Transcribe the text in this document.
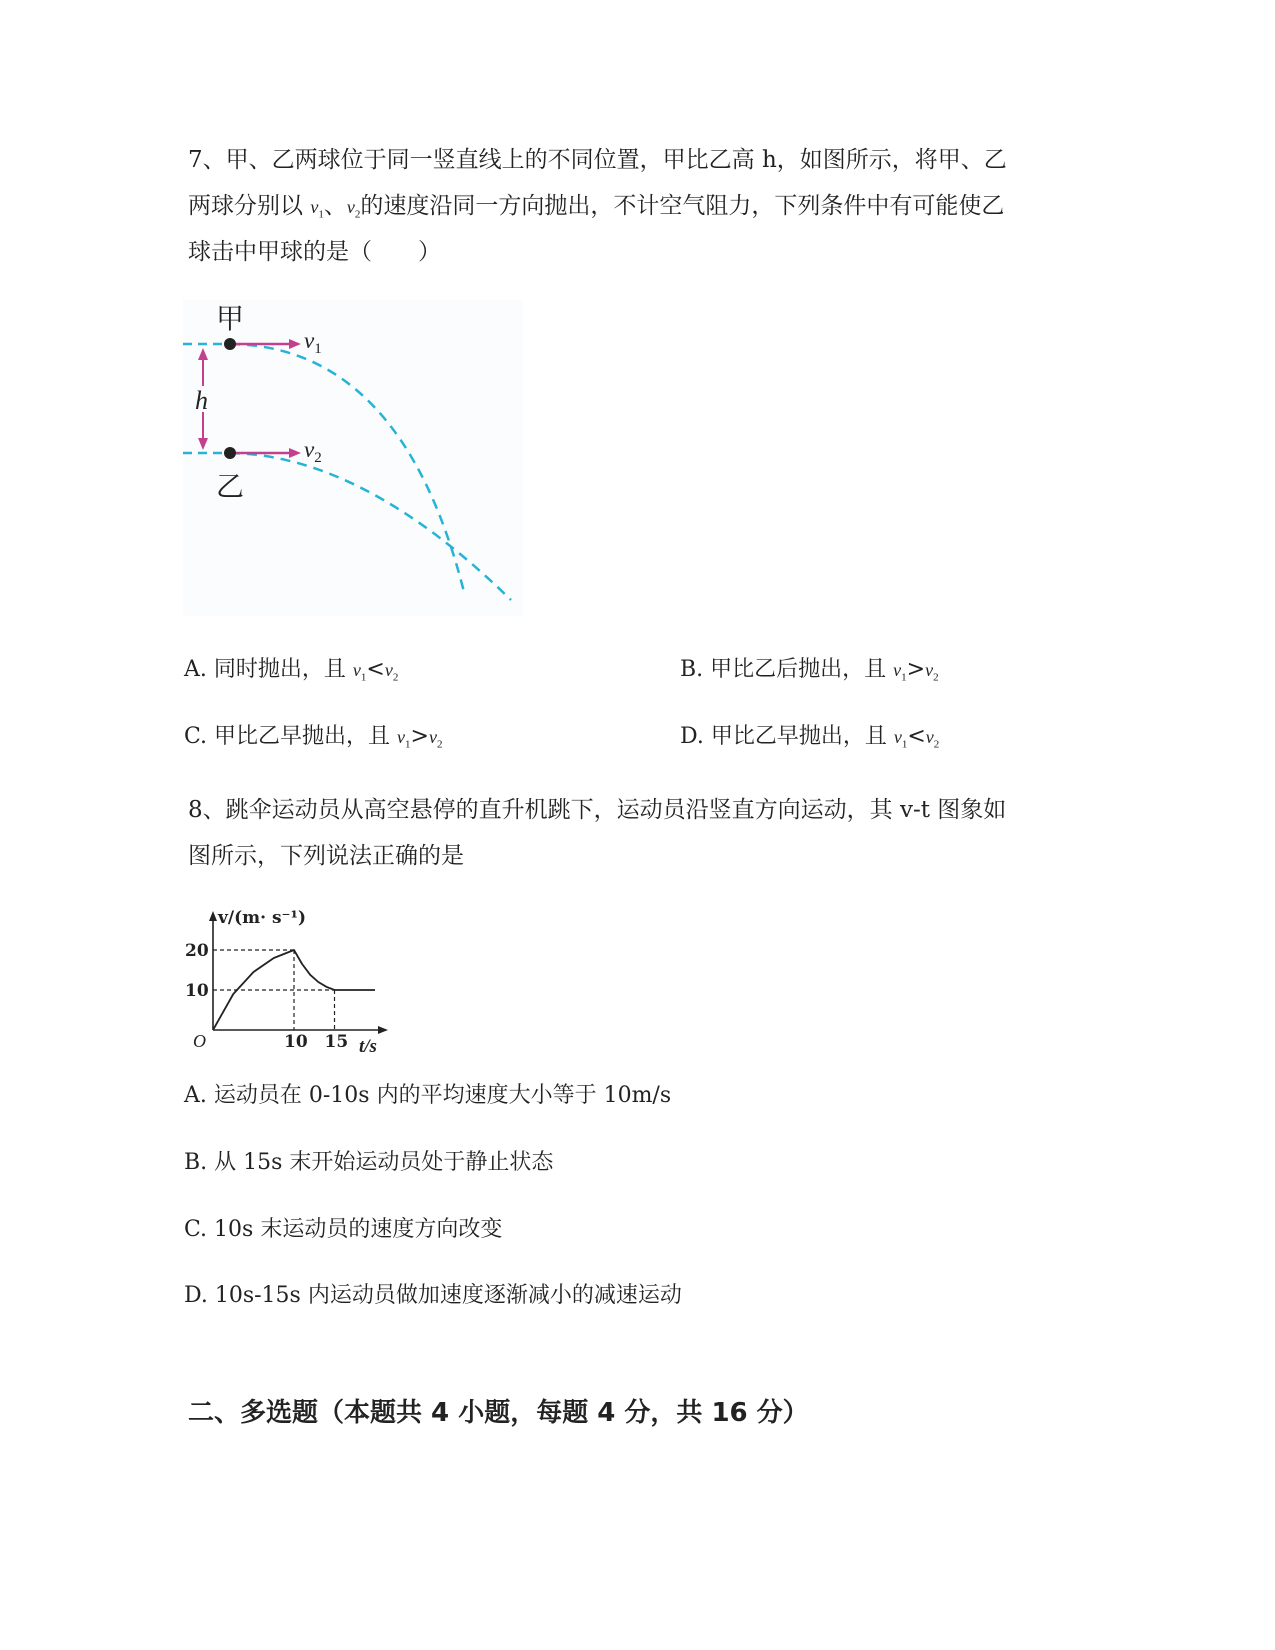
7、甲、乙两球位于同一竖直线上的不同位置，甲比乙高 h，如图所示，将甲、乙
两球分别以 $v_1$、$v_2$的速度沿同一方向抛出，不计空气阻力，下列条件中有可能使乙
球击中甲球的是（　　）
甲
乙
h
$v_1$
$v_2$
A. 同时抛出，且 $v_1<v_2$	B. 甲比乙后抛出，且 $v_1>v_2$
C. 甲比乙早抛出，且 $v_1>v_2$	D. 甲比乙早抛出，且 $v_1<v_2$
8、跳伞运动员从高空悬停的直升机跳下，运动员沿竖直方向运动，其 v-t 图象如
图所示，下列说法正确的是
10 15
20
10
v/(m· s⁻¹)
t/s
O
A. 运动员在 0-10s 内的平均速度大小等于 10m/s
B. 从 15s 末开始运动员处于静止状态
C. 10s 末运动员的速度方向改变
D. 10s-15s 内运动员做加速度逐渐减小的减速运动
二、多选题（本题共 4 小题，每题 4 分，共 16 分）
